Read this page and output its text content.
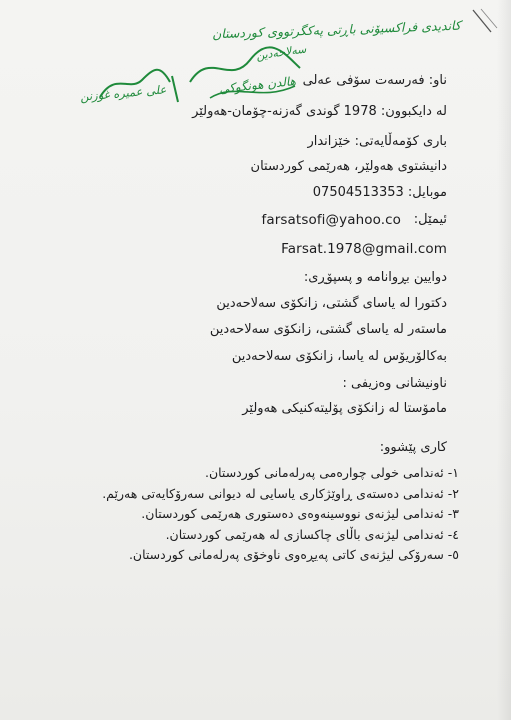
کاندیدی فراکسیۆنی باڕتی پەکگرتووی کوردستان
سەلاحەدین
هالدن هونگوکی
علی عمیرە غوزنن
ناو: فەرسەت سۆفی عەلی
لە دایکبوون: 1978 گوندی گەزنە-چۆمان-هەولێر
باری کۆمەڵایەتی: خێزاندار
دانیشتوی هەولێر، هەرێمی کوردستان
موبایل: 07504513353
ئیمێل:
farsatsofi@yahoo.co
Farsat.1978@gmail.com
دوایین بڕوانامە و پسپۆڕی:
دکتورا لە یاسای گشتی، زانکۆی سەلاحەدین
ماستەر لە یاسای گشتی، زانکۆی سەلاحەدین
بەکالۆریۆس لە یاسا، زانکۆی سەلاحەدین
ناونیشانی وەزیفی :
مامۆستا لە زانکۆی پۆلیتەکنیکی هەولێر
کاری پێشوو:
١- ئەندامی خولی چوارەمی پەرلەمانی کوردستان.
٢- ئەندامی دەستەی ڕاوێژکاری یاسایی لە دیوانی سەرۆکایەتی هەرێم.
٣- ئەندامی لیژنەی نووسینەوەی دەستوری هەرێمی کوردستان.
٤- ئەندامی لیژنەی باڵای چاکسازی لە هەرێمی کوردستان.
٥- سەرۆکی لیژنەی کاتی پەیڕەوی ناوخۆی پەرلەمانی کوردستان.
